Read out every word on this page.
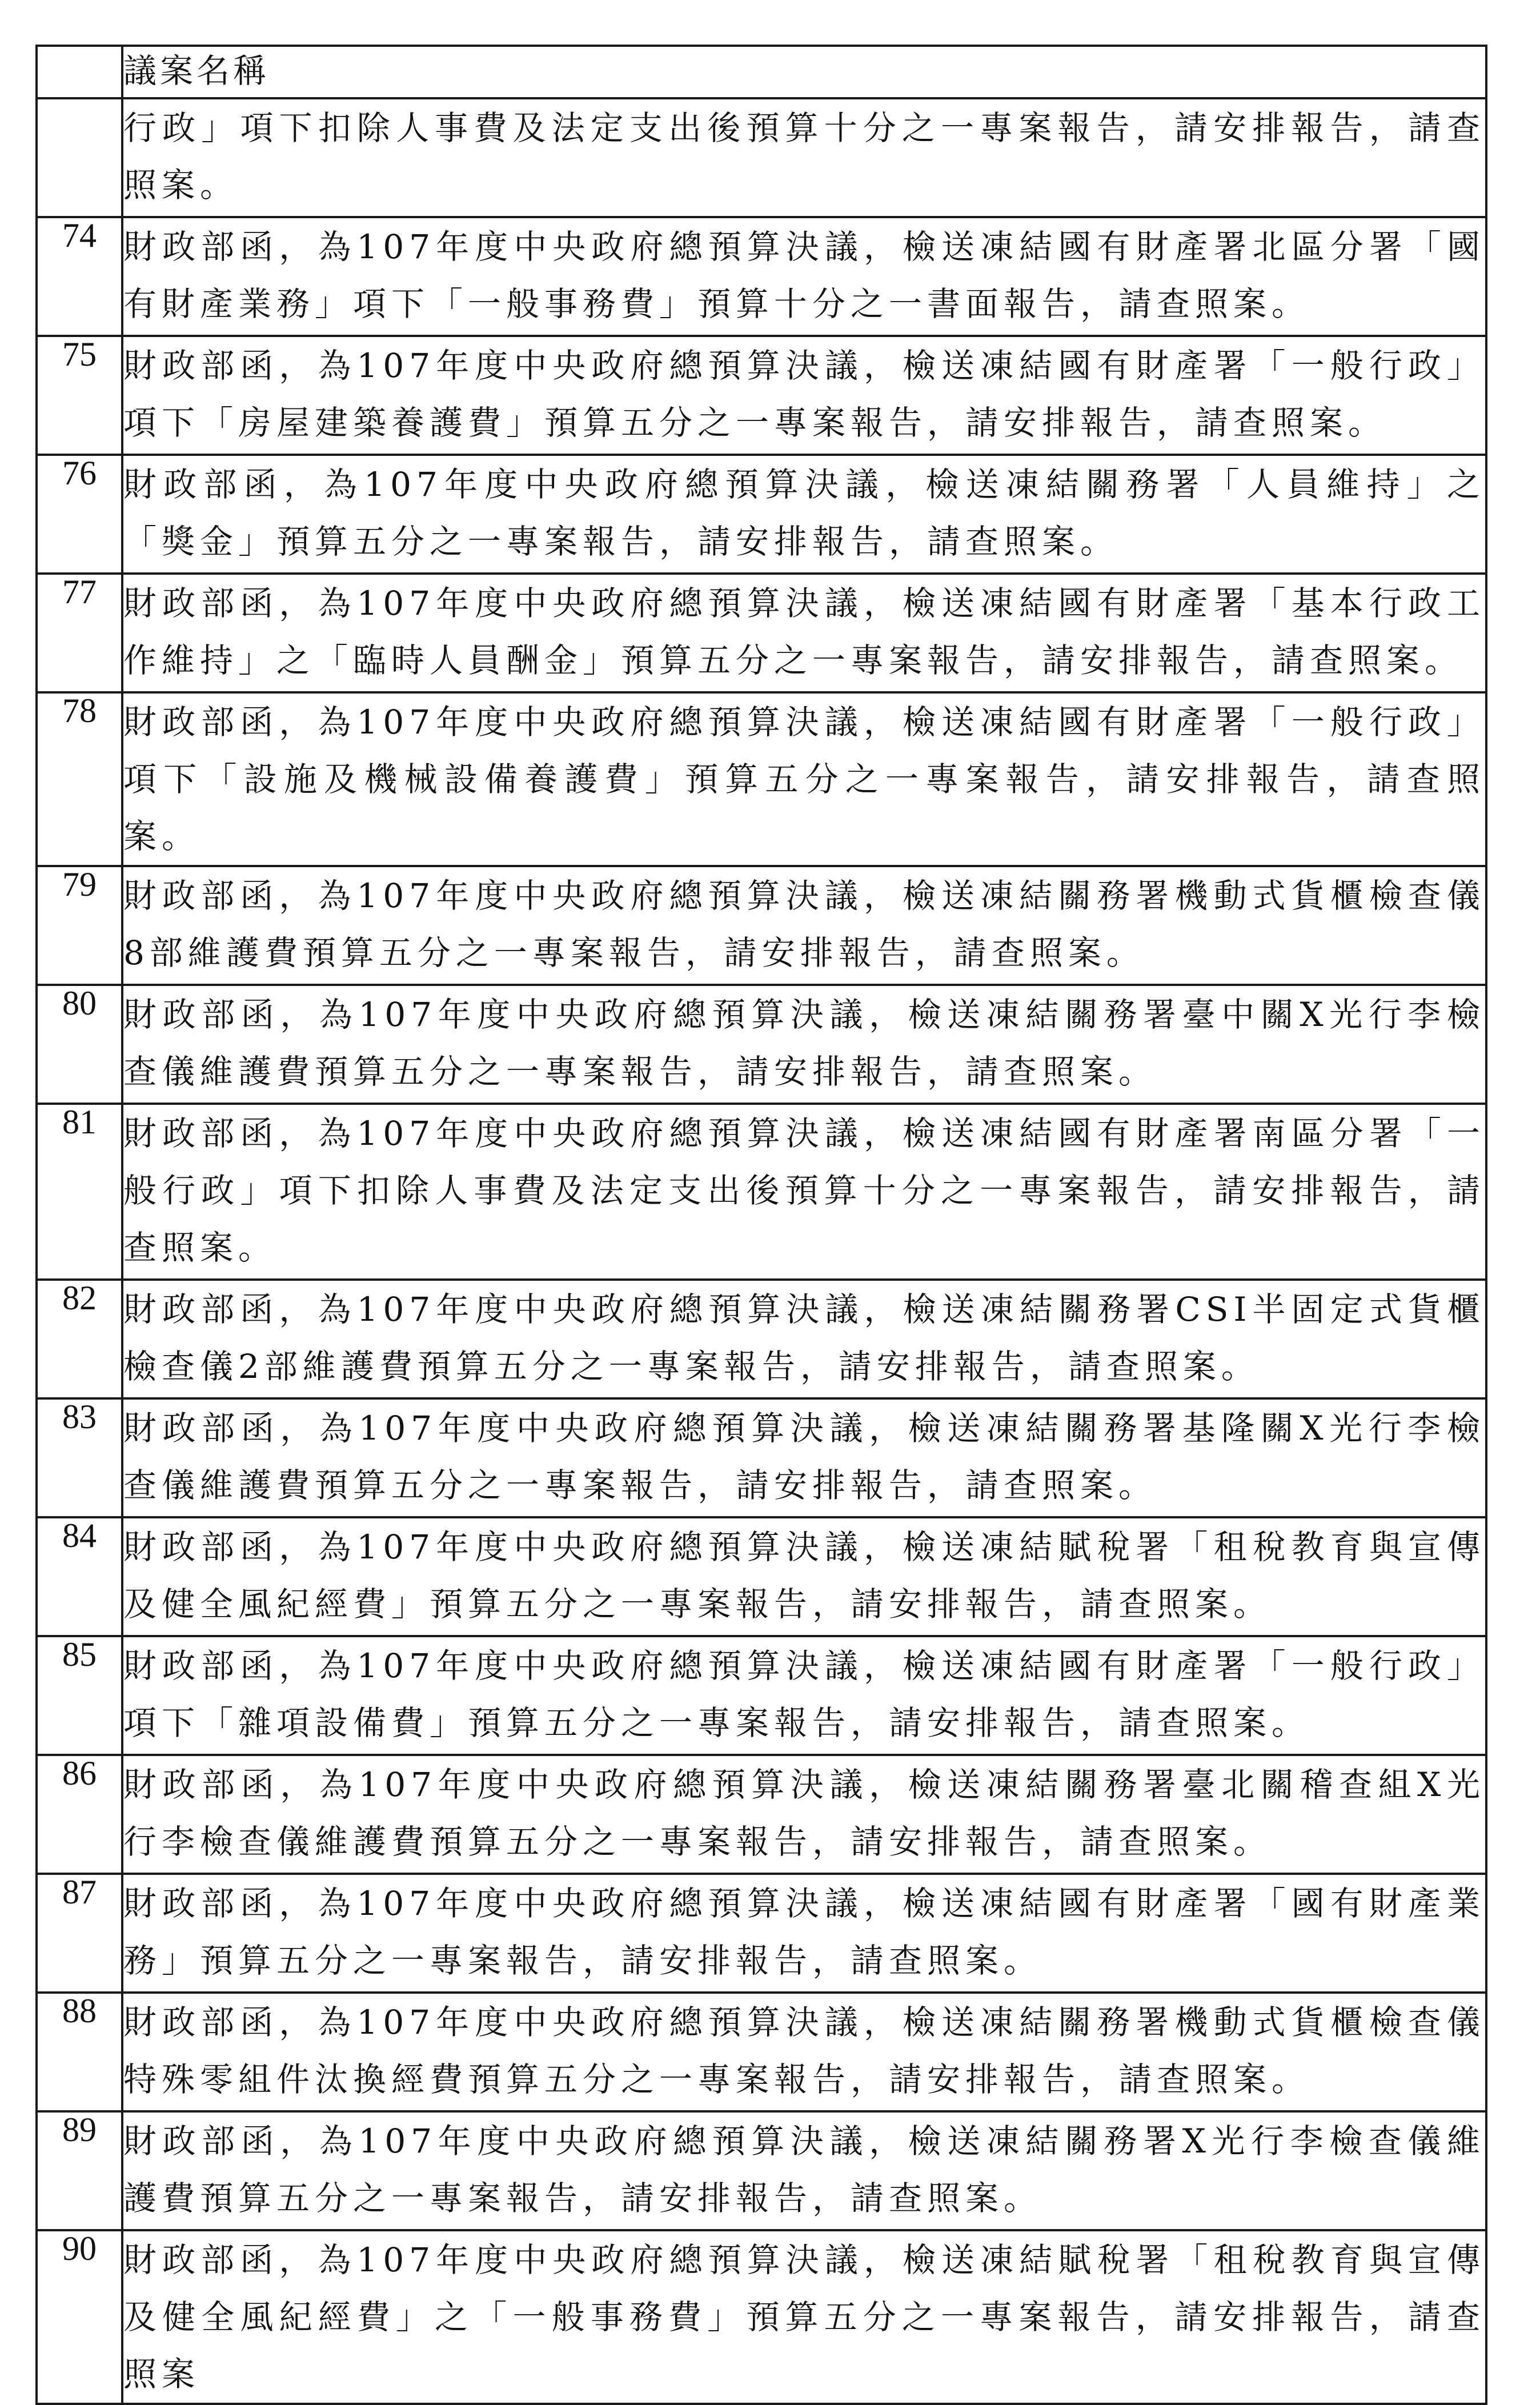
	議案名稱
	行政」項下扣除人事費及法定支出後預算十分之一專案報告，請安排報告，請查照案。
74	財政部函，為107年度中央政府總預算決議，檢送凍結國有財產署北區分署「國有財產業務」項下「一般事務費」預算十分之一書面報告，請查照案。
75	財政部函，為107年度中央政府總預算決議，檢送凍結國有財產署「一般行政」項下「房屋建築養護費」預算五分之一專案報告，請安排報告，請查照案。
76	財政部函，為107年度中央政府總預算決議，檢送凍結關務署「人員維持」之「獎金」預算五分之一專案報告，請安排報告，請查照案。
77	財政部函，為107年度中央政府總預算決議，檢送凍結國有財產署「基本行政工作維持」之「臨時人員酬金」預算五分之一專案報告，請安排報告，請查照案。
78	財政部函，為107年度中央政府總預算決議，檢送凍結國有財產署「一般行政」項下「設施及機械設備養護費」預算五分之一專案報告，請安排報告，請查照案。
79	財政部函，為107年度中央政府總預算決議，檢送凍結關務署機動式貨櫃檢查儀8部維護費預算五分之一專案報告，請安排報告，請查照案。
80	財政部函，為107年度中央政府總預算決議，檢送凍結關務署臺中關X光行李檢查儀維護費預算五分之一專案報告，請安排報告，請查照案。
81	財政部函，為107年度中央政府總預算決議，檢送凍結國有財產署南區分署「一般行政」項下扣除人事費及法定支出後預算十分之一專案報告，請安排報告，請查照案。
82	財政部函，為107年度中央政府總預算決議，檢送凍結關務署CSI半固定式貨櫃檢查儀2部維護費預算五分之一專案報告，請安排報告，請查照案。
83	財政部函，為107年度中央政府總預算決議，檢送凍結關務署基隆關X光行李檢查儀維護費預算五分之一專案報告，請安排報告，請查照案。
84	財政部函，為107年度中央政府總預算決議，檢送凍結賦稅署「租稅教育與宣傳及健全風紀經費」預算五分之一專案報告，請安排報告，請查照案。
85	財政部函，為107年度中央政府總預算決議，檢送凍結國有財產署「一般行政」項下「雜項設備費」預算五分之一專案報告，請安排報告，請查照案。
86	財政部函，為107年度中央政府總預算決議，檢送凍結關務署臺北關稽查組X光行李檢查儀維護費預算五分之一專案報告，請安排報告，請查照案。
87	財政部函，為107年度中央政府總預算決議，檢送凍結國有財產署「國有財產業務」預算五分之一專案報告，請安排報告，請查照案。
88	財政部函，為107年度中央政府總預算決議，檢送凍結關務署機動式貨櫃檢查儀特殊零組件汰換經費預算五分之一專案報告，請安排報告，請查照案。
89	財政部函，為107年度中央政府總預算決議，檢送凍結關務署X光行李檢查儀維護費預算五分之一專案報告，請安排報告，請查照案。
90	財政部函，為107年度中央政府總預算決議，檢送凍結賦稅署「租稅教育與宣傳及健全風紀經費」之「一般事務費」預算五分之一專案報告，請安排報告，請查照案
